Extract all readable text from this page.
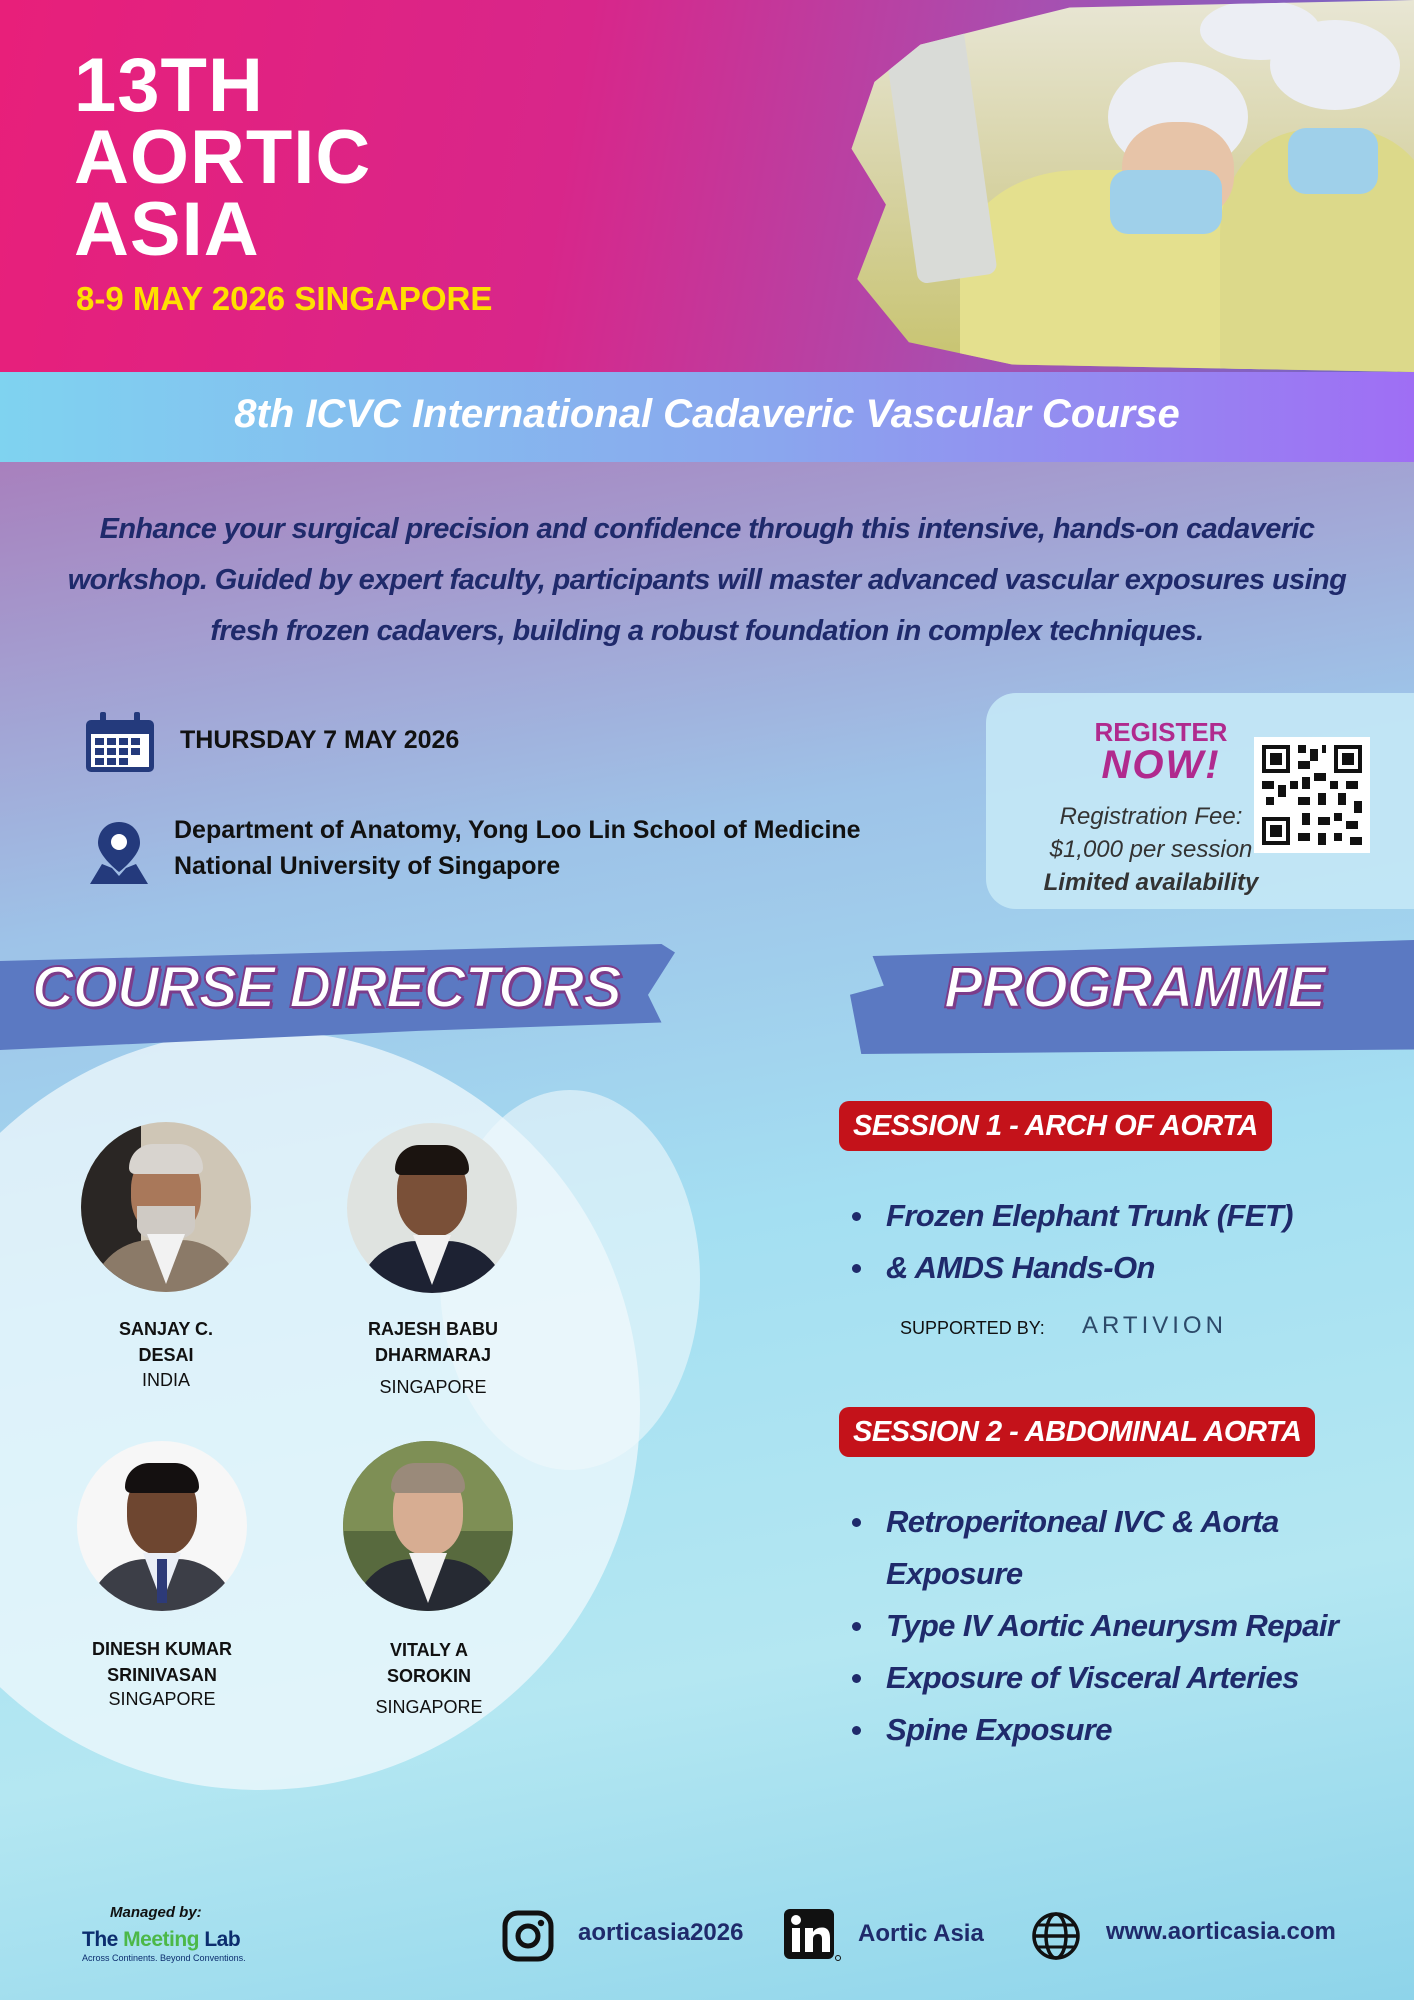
13TH
AORTIC
ASIA
8-9 MAY 2026 SINGAPORE
8th ICVC International Cadaveric Vascular Course
Enhance your surgical precision and confidence through this intensive, hands-on cadaveric workshop. Guided by expert faculty, participants will master advanced vascular exposures using fresh frozen cadavers, building a robust foundation in complex techniques.
THURSDAY 7 MAY 2026
Department of Anatomy, Yong Loo Lin School of Medicine
National University of Singapore
REGISTER
NOW!
Registration Fee:
$1,000 per session
Limited availability
COURSE DIRECTORS	PROGRAMME
SANJAY C.
DESAI
INDIA
RAJESH BABU
DHARMARAJ
SINGAPORE
DINESH KUMAR
SRINIVASAN
SINGAPORE
VITALY A
SOROKIN
SINGAPORE
SESSION 1 - ARCH OF AORTA
Frozen Elephant Trunk (FET)
& AMDS Hands-On
SUPPORTED BY: ARTIVION
SESSION 2 - ABDOMINAL AORTA
Retroperitoneal IVC & Aorta
Exposure
Type IV Aortic Aneurysm Repair
Exposure of Visceral Arteries
Spine Exposure
Managed by:
The Meeting Lab
Across Continents. Beyond Conventions.
aorticasia2026	Aortic Asia	www.aorticasia.com
